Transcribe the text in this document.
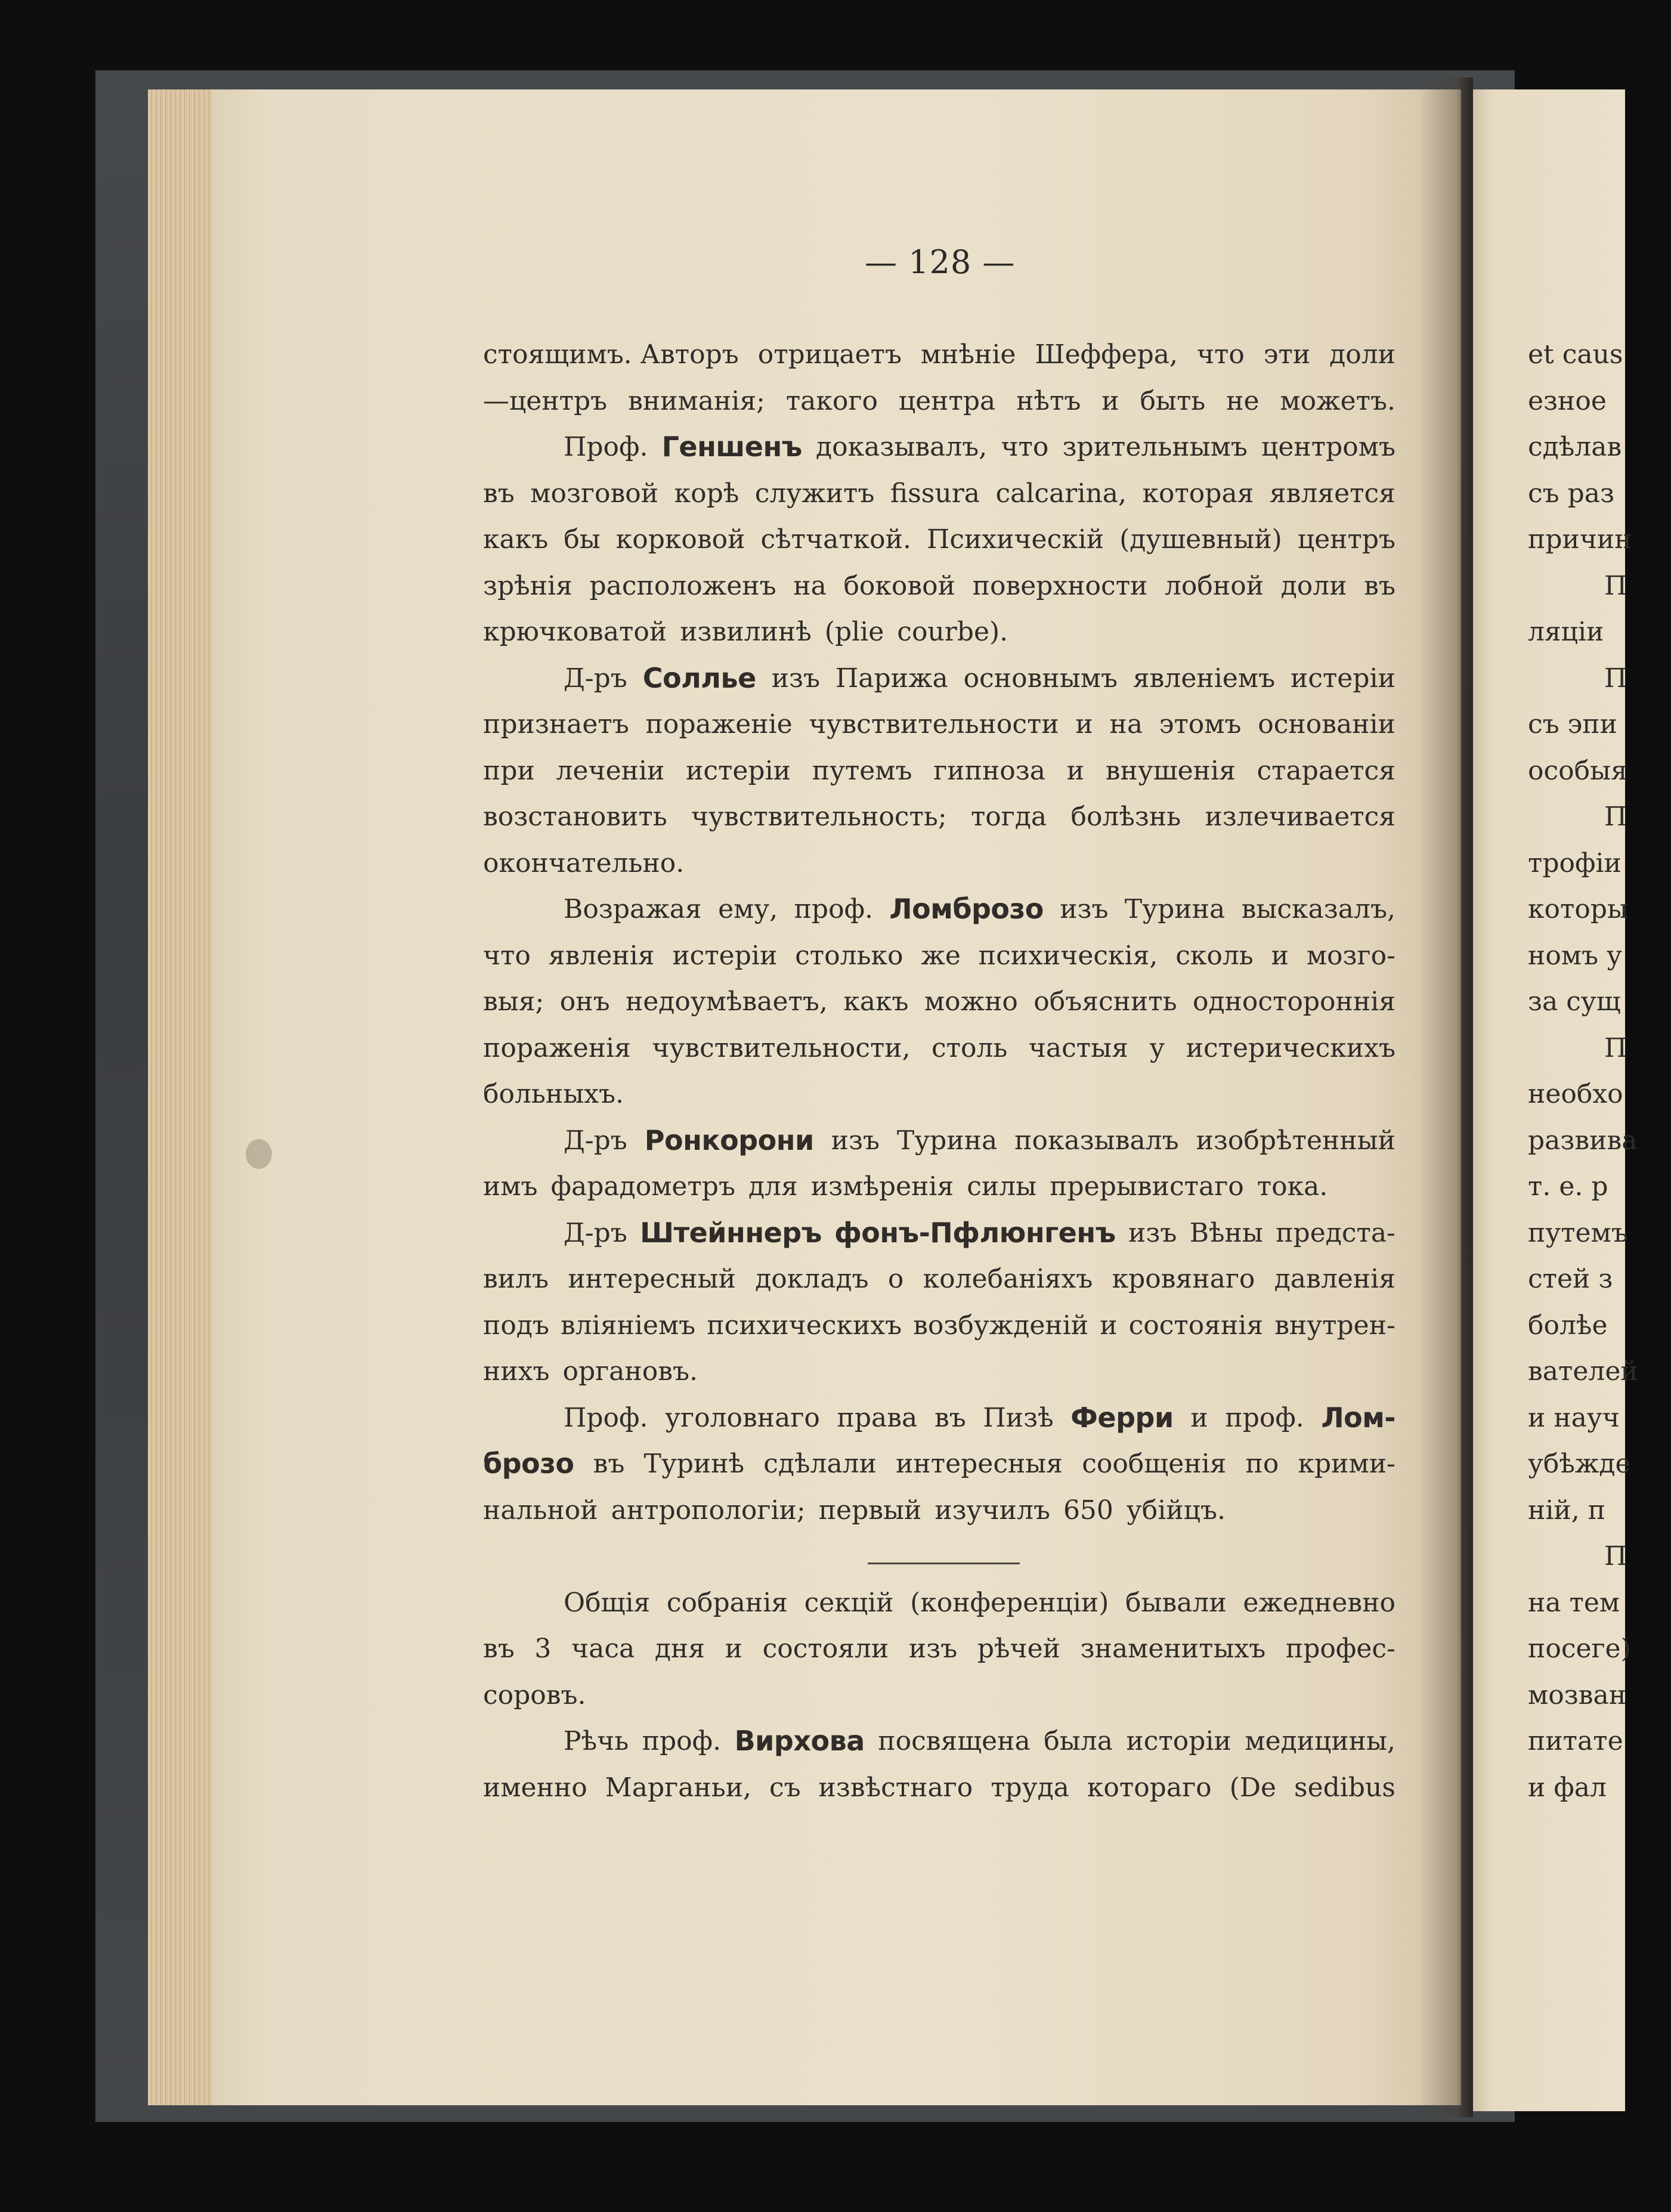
— 128 —
стоящимъ. Авторъ отрицаетъ мнѣніе Шеффера, что эти доли
—центръ вниманія; такого центра нѣтъ и быть не можетъ.
Проф. Геншенъ доказывалъ, что зрительнымъ центромъ
въ мозговой корѣ служитъ fissura calcarina, которая является
какъ бы корковой сѣтчаткой. Психическій (душевный) центръ
зрѣнія расположенъ на боковой поверхности лобной доли въ
крючковатой извилинѣ (plie courbe).
Д-ръ Солльe изъ Парижа основнымъ явленіемъ истеріи
признаетъ пораженіе чувствительности и на этомъ основаніи
при леченіи истеріи путемъ гипноза и внушенія старается
возстановить чувствительность; тогда болѣзнь излечивается
окончательно.
Возражая ему, проф. Ломброзо изъ Турина высказалъ,
что явленія истеріи столько же психическія, сколь и мозго-
выя; онъ недоумѣваетъ, какъ можно объяснить одностороннія
пораженія чувствительности, столь частыя у истерическихъ
больныхъ.
Д-ръ Ронкорони изъ Турина показывалъ изобрѣтенный
имъ фарадометръ для измѣренія силы прерывистаго тока.
Д-ръ Штейннеръ фонъ-Пфлюнгенъ изъ Вѣны предста-
вилъ интересный докладъ о колебаніяхъ кровянаго давленія
подъ вліяніемъ психическихъ возбужденій и состоянія внутрен-
нихъ органовъ.
Проф. уголовнаго права въ Пизѣ Ферри и проф. Лом-
брозо въ Туринѣ сдѣлали интересныя сообщенія по крими-
нальной антропологіи; первый изучилъ 650 убійцъ.
Общія собранія секцій (конференціи) бывали ежедневно
въ 3 часа дня и состояли изъ рѣчей знаменитыхъ профес-
соровъ.
Рѣчь проф. Вирхова посвящена была исторіи медицины,
именно Марганьи, съ извѣстнаго труда котораго (De sedibus
et caus
езное
сдѣлав
съ раз
причин
П
ляціи
П
съ эпи
особыя
П
трофіи
которы
номъ у
за сущ
П
необхо
развива
т. е. р
путемъ
стей з
болѣе
вателей
и науч
убѣжде
ній, п
П
на тем
посеге)
мозван
питате
и фал
